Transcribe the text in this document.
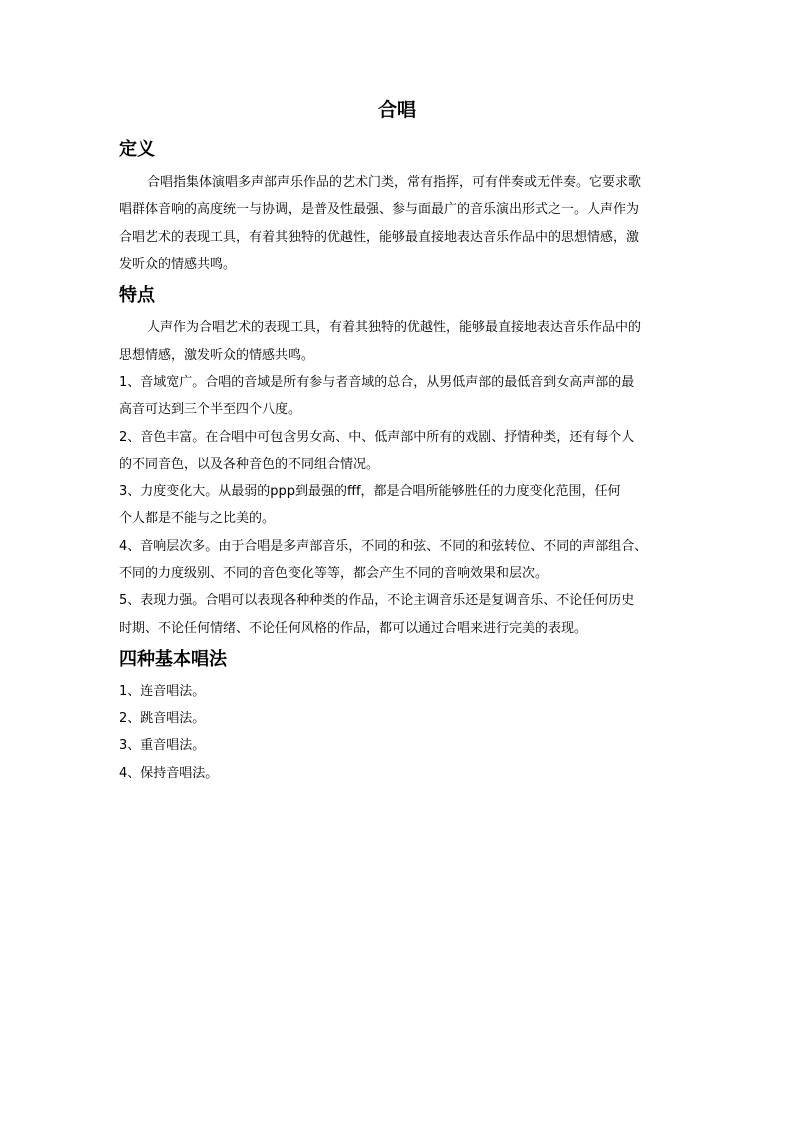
合唱
定义
合唱指集体演唱多声部声乐作品的艺术门类，常有指挥，可有伴奏或无伴奏。它要求歌
唱群体音响的高度统一与协调，是普及性最强、参与面最广的音乐演出形式之一。人声作为
合唱艺术的表现工具，有着其独特的优越性，能够最直接地表达音乐作品中的思想情感，激
发听众的情感共鸣。
特点
人声作为合唱艺术的表现工具，有着其独特的优越性，能够最直接地表达音乐作品中的
思想情感，激发听众的情感共鸣。
1、音域宽广。合唱的音域是所有参与者音域的总合，从男低声部的最低音到女高声部的最
高音可达到三个半至四个八度。
2、音色丰富。在合唱中可包含男女高、中、低声部中所有的戏剧、抒情种类，还有每个人
的不同音色，以及各种音色的不同组合情况。
3、力度变化大。从最弱的ppp到最强的fff，都是合唱所能够胜任的力度变化范围，任何
个人都是不能与之比美的。
4、音响层次多。由于合唱是多声部音乐，不同的和弦、不同的和弦转位、不同的声部组合、
不同的力度级别、不同的音色变化等等，都会产生不同的音响效果和层次。
5、表现力强。合唱可以表现各种种类的作品，不论主调音乐还是复调音乐、不论任何历史
时期、不论任何情绪、不论任何风格的作品，都可以通过合唱来进行完美的表现。
四种基本唱法
1、连音唱法。
2、跳音唱法。
3、重音唱法。
4、保持音唱法。
